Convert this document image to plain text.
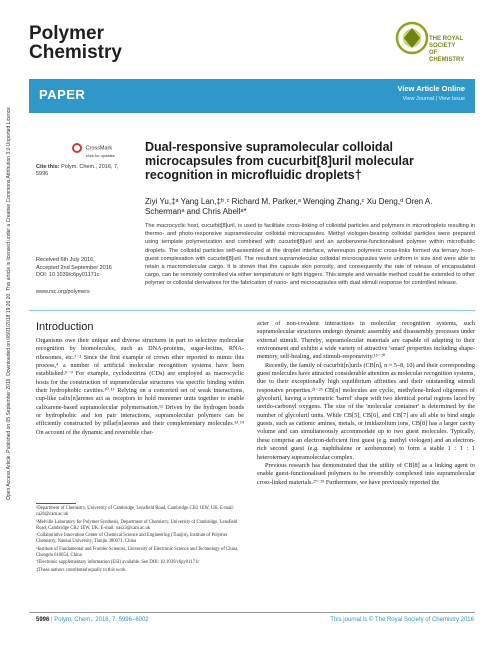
Polymer
Chemistry
THE ROYAL SOCIETY
OF CHEMISTRY
PAPER	View Article Online
View Journal | View Issue
Open Access Article. Published on 05 September 2016. Downloaded on 08/01/2018 19:26:20. This article is licensed under a Creative Commons Attribution 3.0 Unported Licence.	CrossMark
click for updates
Cite this: Polym. Chem., 2016, 7, 5996
Received 6th July 2016,
Accepted 2nd September 2016
DOI: 10.1039/c6py01171c
www.rsc.org/polymers
Dual-responsive supramolecular colloidal microcapsules from cucurbit[8]uril molecular recognition in microfluidic droplets†
Ziyi Yu,‡ᵃ Yang Lan,‡ᵇ˒ᶜ Richard M. Parker,ᵃ Wenqing Zhang,ᶜ Xu Deng,ᵈ Oren A. Schermanᵃ and Chris Abellᵃ*
The macrocyclic host, cucurbit[8]uril, is used to facilitate cross-linking of colloidal particles and polymers in microdroplets resulting in thermo- and photo-responsive supramolecular colloidal microcapsules. Methyl viologen-bearing colloidal particles were prepared using template polymerization and combined with cucurbit[8]uril and an azobenzene-functionalised polymer within microfluidic droplets. The colloidal particles self-assembled at the droplet interface, whereupon polymeric cross-links formed via ternary host–guest complexation with cucurbit[8]uril. The resultant supramolecular colloidal microcapsules were uniform in size and were able to retain a macromolecular cargo. It is shown that the capsule skin porosity, and consequently the rate of release of encapsulated cargo, can be remotely controlled via either temperature or light triggers. This simple and versatile method could be extended to other polymer or colloidal derivatives for the fabrication of nano- and microcapsules with dual stimuli response for controlled release.
Introduction

Organisms owe their unique and diverse structures in part to selective molecular recognition by biomolecules, such as DNA-proteins, sugar-lectins, RNA-ribosomes, etc.¹⁻³ Since the first example of crown ether reported to mimic this process,⁴ a number of artificial molecular recognition systems have been established.⁵⁻⁹ For example, cyclodextrins (CDs) are employed as macrocyclic hosts for the construction of supramolecular structures via specific binding within their hydrophobic cavities.¹⁰˒¹¹ Relying on a concerted set of weak interactions, cup-like calix[n]arenes act as receptors to hold monomer units together to enable calixarene-based supramolecular polymerisation.¹² Driven by the hydrogen bonds or hydrophobic and ion pair interactions, supramolecular polymers can be efficiently constructed by pillar[n]arenes and their complementary molecules.¹³˒¹⁴ On account of the dynamic and reversible char-

acter of non-covalent interactions in molecular recognition systems, such supramolecular structures undergo dynamic assembly and disassembly processes under external stimuli. Thereby, supramolecular materials are capable of adapting to their environment and exhibit a wide variety of attractive 'smart' properties including shape-memory, self-healing, and stimuli-responsivity.¹⁵⁻²⁰

Recently, the family of cucurbit[n]urils (CB[n], n = 5–8, 10) and their corresponding guest molecules have attracted considerable attention as molecular recognition systems, due to their exceptionally high equilibrium affinities and their outstanding stimuli responsive properties.²¹⁻²⁶ CB[n] molecules are cyclic, methylene-linked oligomers of glycoluril, having a symmetric 'barrel' shape with two identical portal regions laced by ureido-carbonyl oxygens. The size of the 'molecular container' is determined by the number of glycoluril units. While CB[5], CB[6], and CB[7] are all able to bind single guests, such as cationic amines, metals, or imidazolium ions, CB[8] has a larger cavity volume and can simultaneously accommodate up to two guest molecules. Typically, these comprise an electron-deficient first guest (e.g. methyl viologen) and an electron-rich second guest (e.g. naphthalene or azobenzene) to form a stable 1 : 1 : 1 heteroternary supramolecular complex.

Previous research has demonstrated that the utility of CB[8] as a linking agent to enable guest-functionalised polymers to be reversibly complexed into supramolecular cross-linked materials.²⁷⁻²⁹ Furthermore, we have previously reported the

ᵃDepartment of Chemistry, University of Cambridge, Lensfield Road, Cambridge CB2 1EW, UK. E-mail: ca26@cam.ac.uk
ᵇMelville Laboratory for Polymer Synthesis, Department of Chemistry, University of Cambridge, Lensfield Road, Cambridge CB2 1EW, UK. E-mail: oas23@cam.ac.uk
ᶜCollaborative Innovation Center of Chemical Science and Engineering (Tianjin), Institute of Polymer Chemistry, Nankai University, Tianjin 300071, China
ᵈInstitute of Fundamental and Frontier Sciences, University of Electronic Science and Technology of China, Chengdu 610054, China
†Electronic supplementary information (ESI) available. See DOI: 10.1039/c6py01171c
‡These authors contributed equally to this work.
5996 | Polym. Chem., 2016, 7, 5996–6002	This journal is © The Royal Society of Chemistry 2016
